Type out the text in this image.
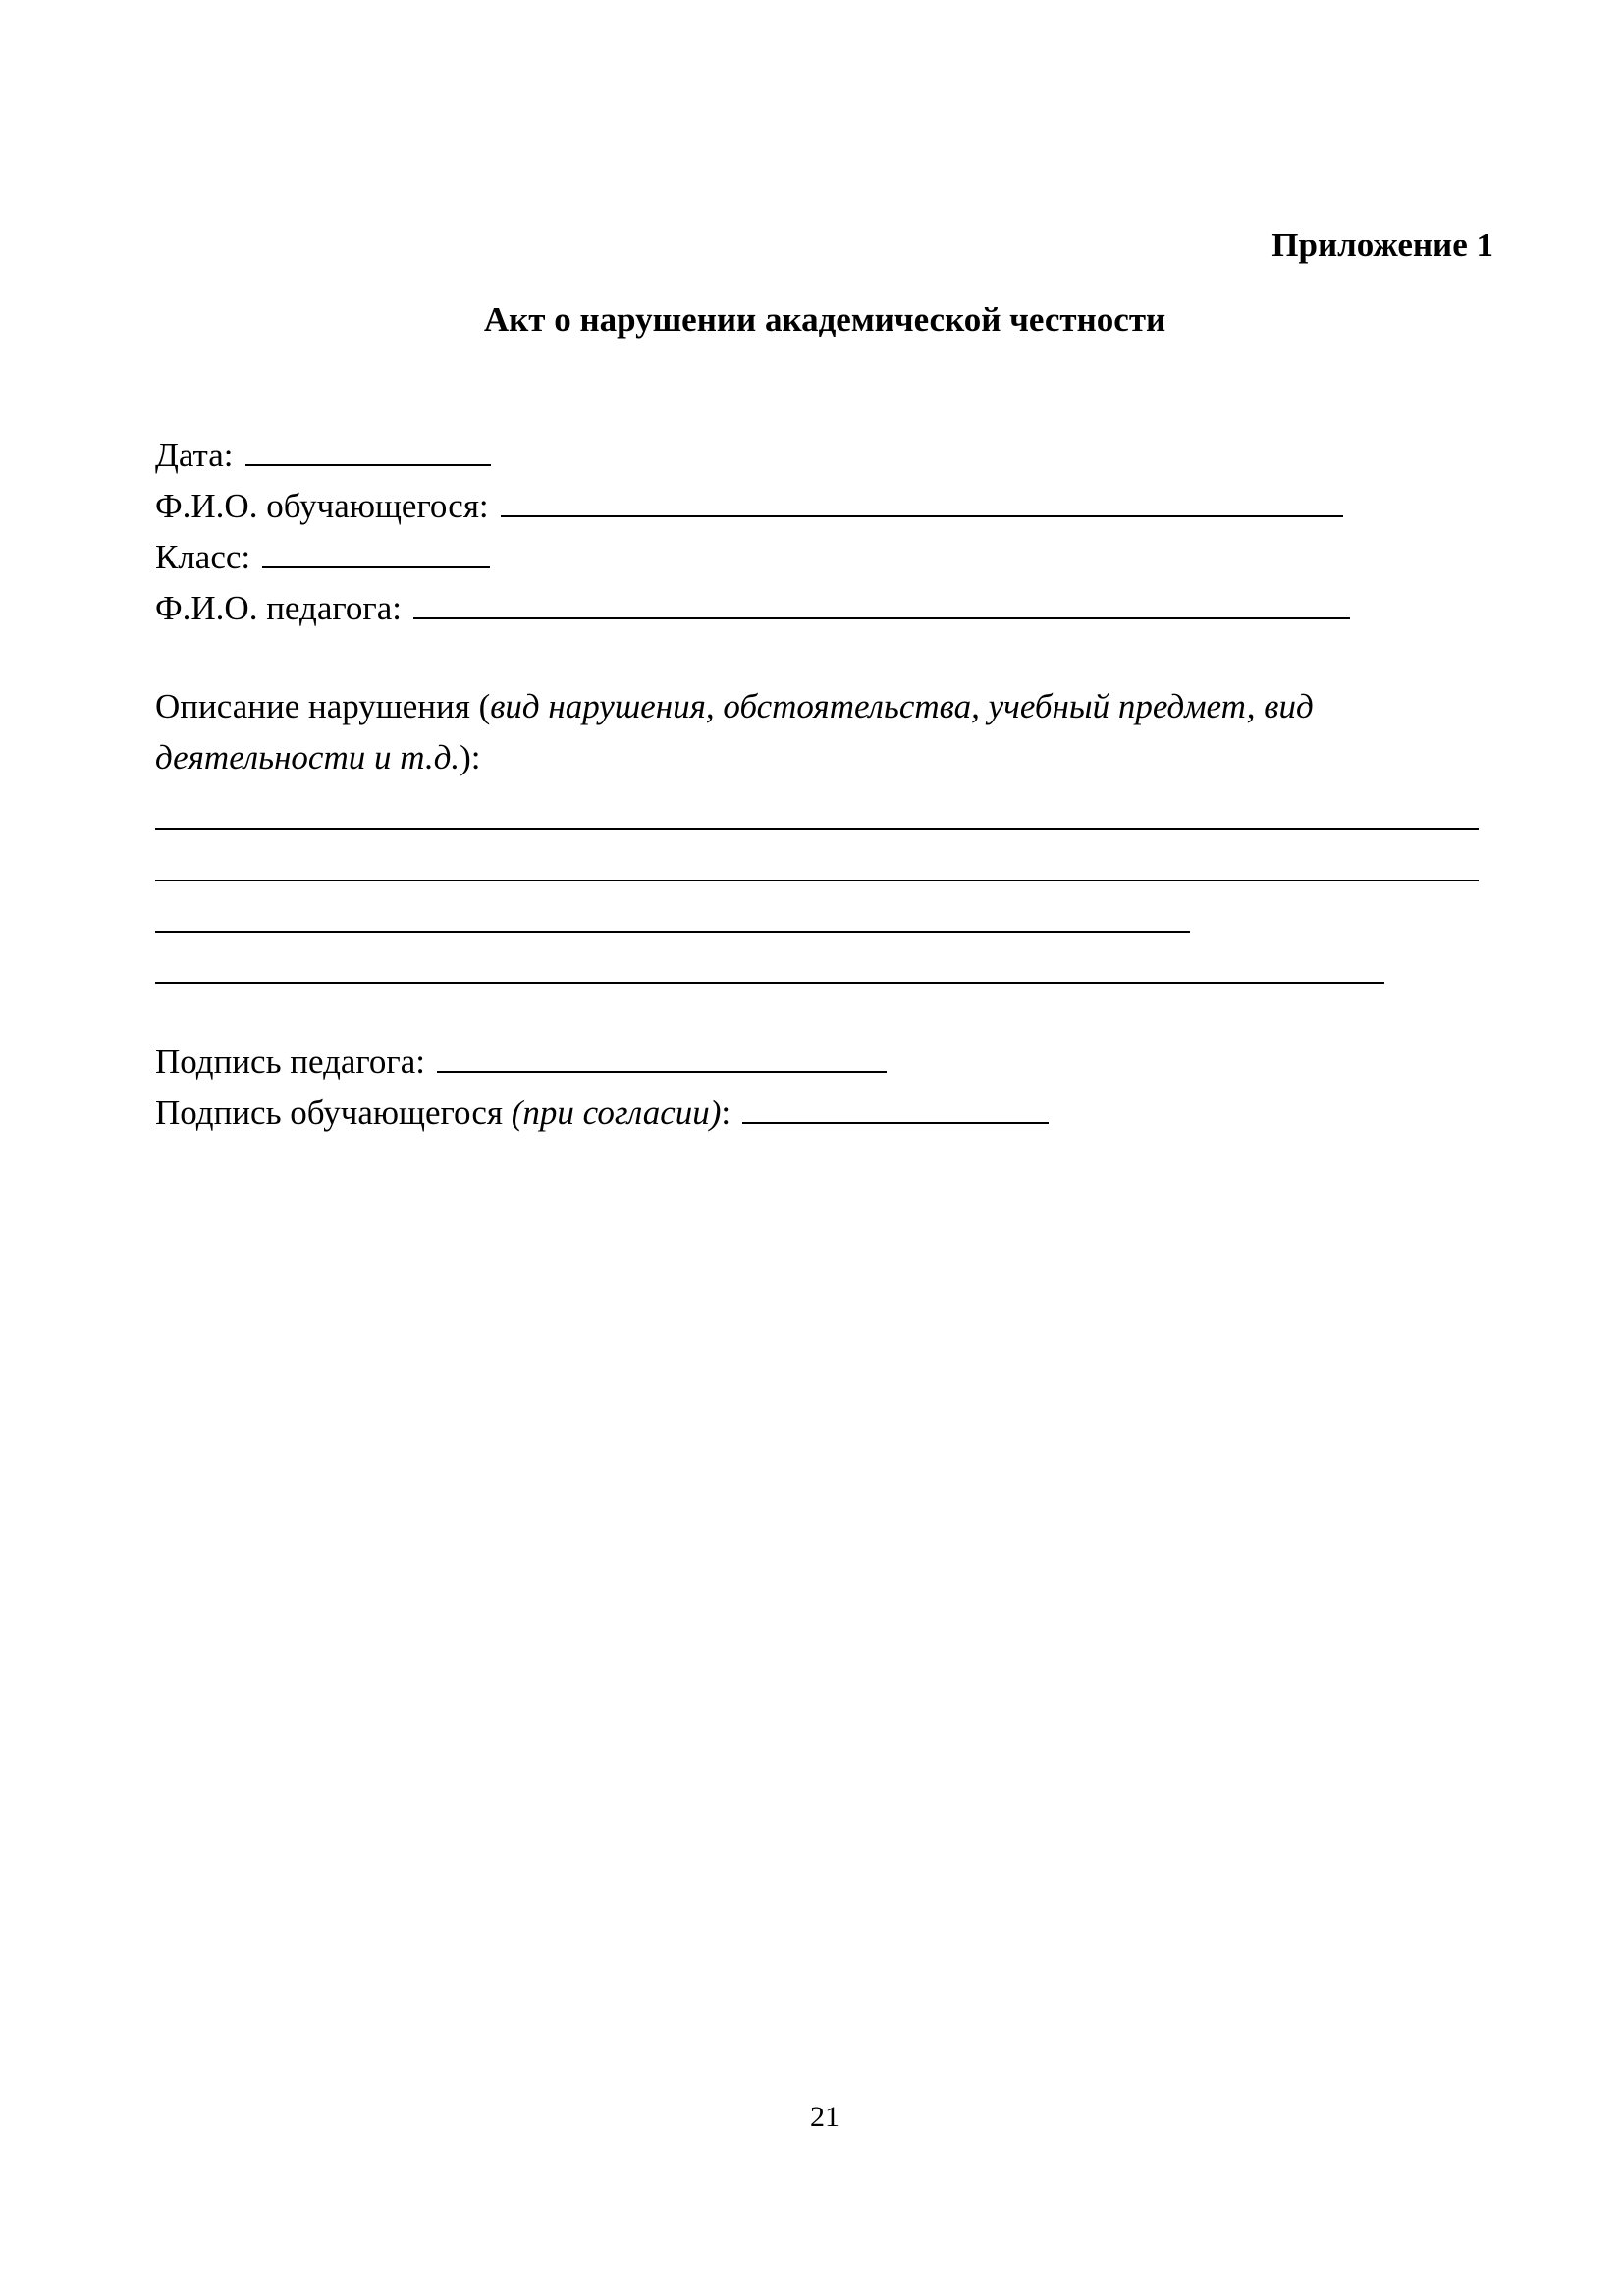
Приложение 1
Акт о нарушении академической честности
Дата:
Ф.И.О. обучающегося:
Класс:
Ф.И.О. педагога:
Описание нарушения (вид нарушения, обстоятельства, учебный предмет, вид деятельности и т.д.):
Подпись педагога:
Подпись обучающегося (при согласии):
21
